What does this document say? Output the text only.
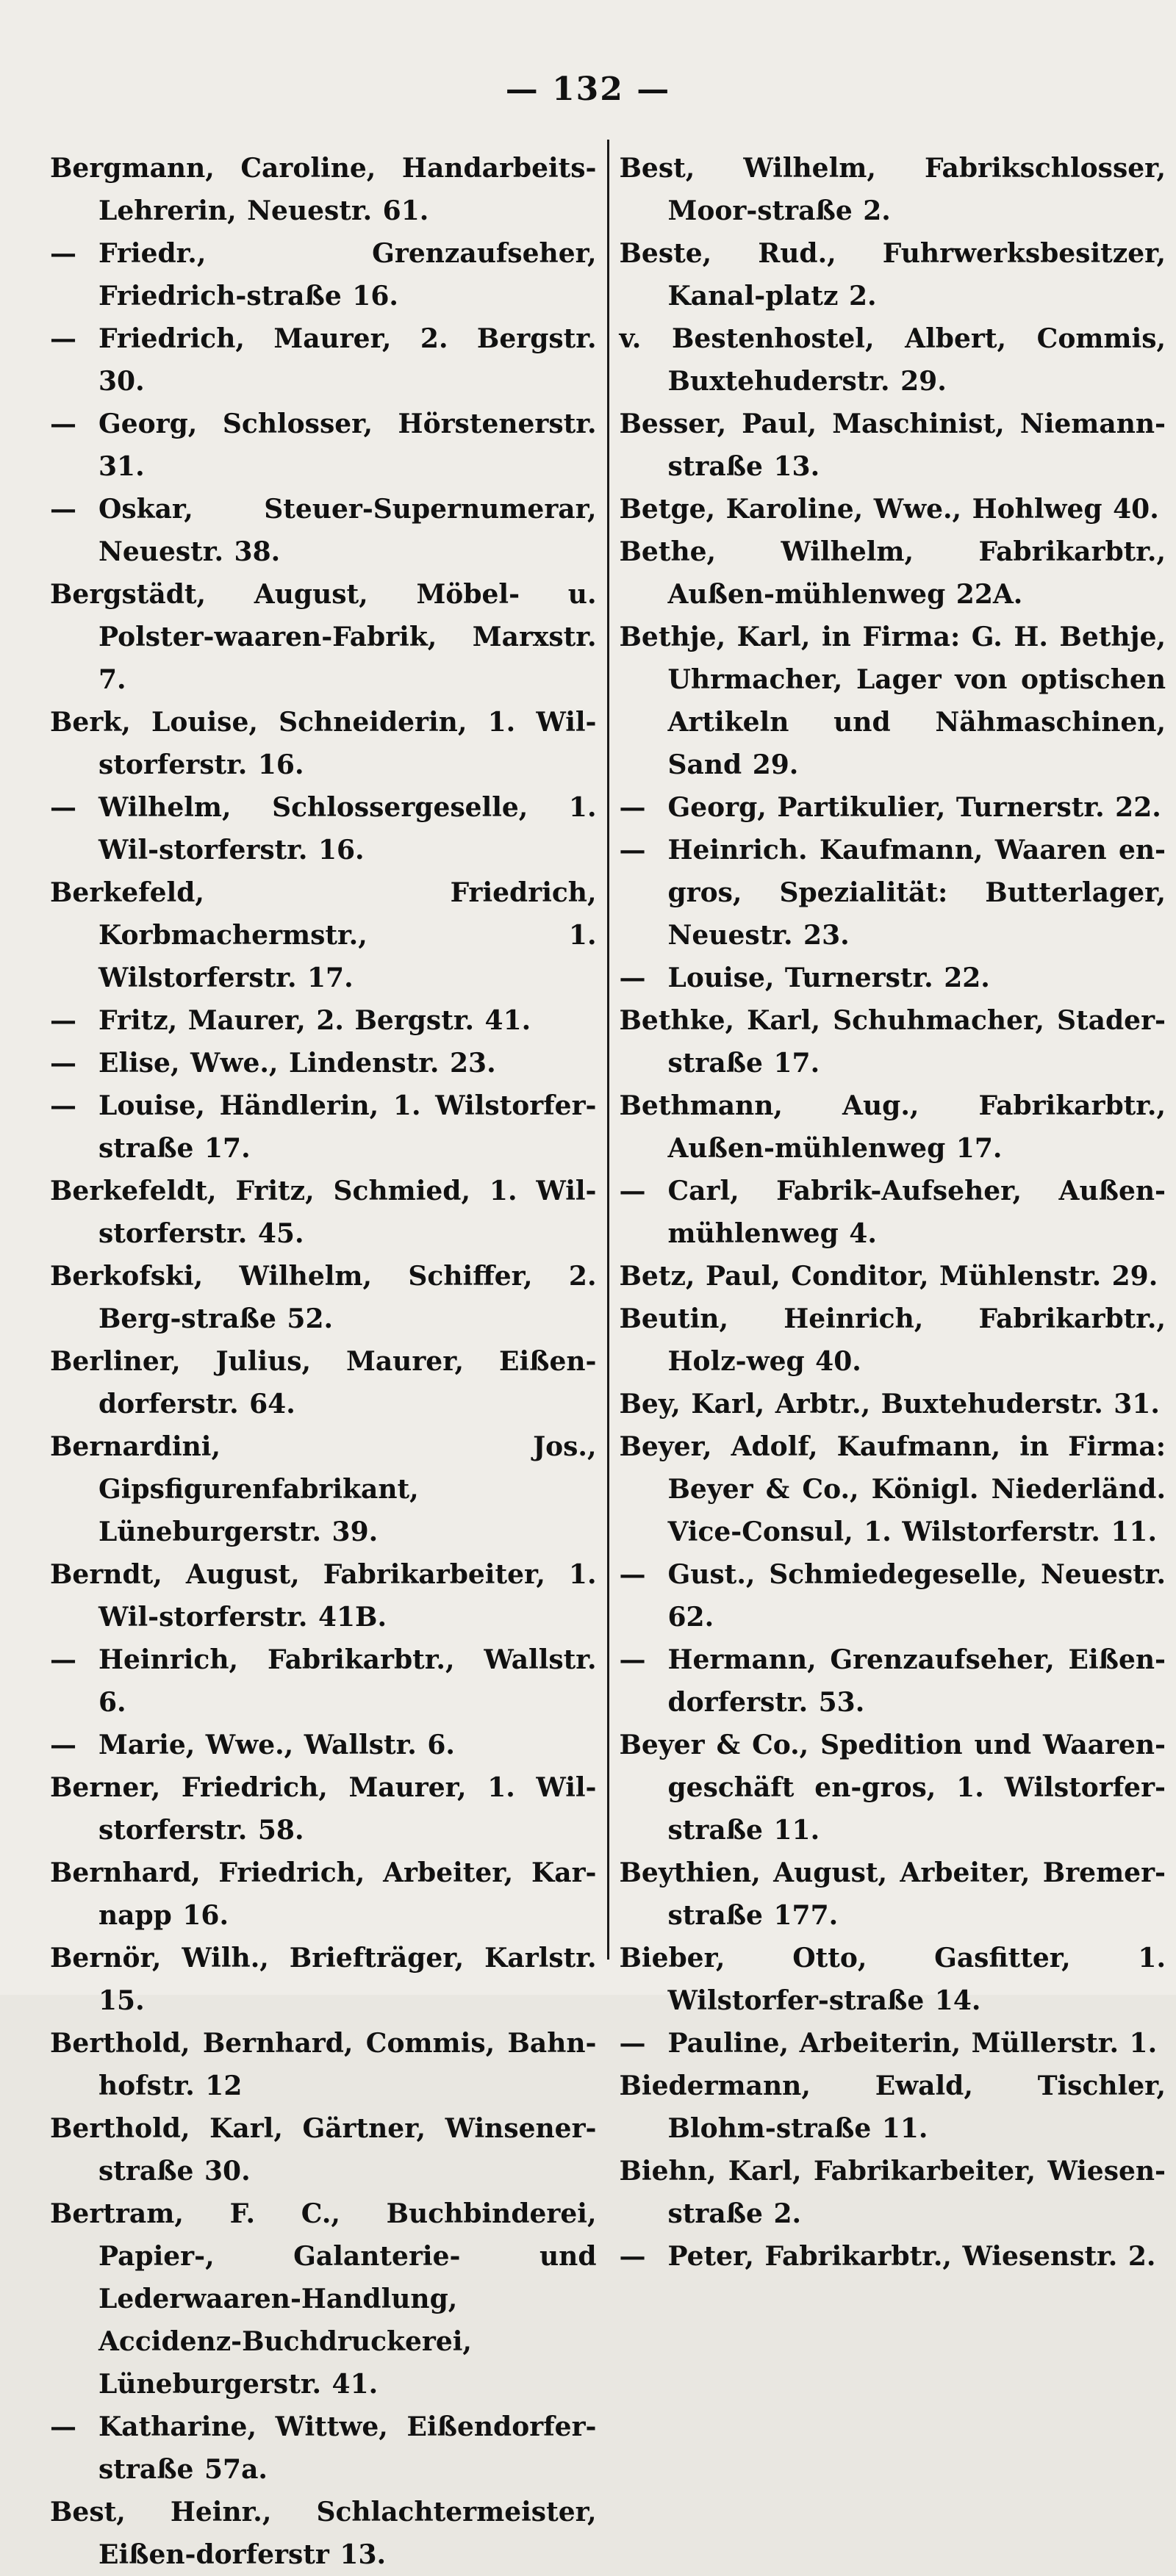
— 132 —

Bergmann, Caroline, Handarbeits-Lehrerin, Neuestr. 61.

— Friedr., Grenzaufseher, Friedrich-straße 16.

— Friedrich, Maurer, 2. Bergstr. 30.

— Georg, Schlosser, Hörstenerstr. 31.

— Oskar, Steuer-Supernumerar, Neuestr. 38.

Bergstädt, August, Möbel- u. Polster-waaren-Fabrik, Marxstr. 7.

Berk, Louise, Schneiderin, 1. Wil-storferstr. 16.

— Wilhelm, Schlossergeselle, 1. Wil-storferstr. 16.

Berkefeld, Friedrich, Korbmachermstr., 1. Wilstorferstr. 17.

— Fritz, Maurer, 2. Bergstr. 41.

— Elise, Wwe., Lindenstr. 23.

— Louise, Händlerin, 1. Wilstorfer-straße 17.

Berkefeldt, Fritz, Schmied, 1. Wil-storferstr. 45.

Berkofski, Wilhelm, Schiffer, 2. Berg-straße 52.

Berliner, Julius, Maurer, Eißen-dorferstr. 64.

Bernardini, Jos., Gipsfigurenfabrikant, Lüneburgerstr. 39.

Berndt, August, Fabrikarbeiter, 1. Wil-storferstr. 41B.

— Heinrich, Fabrikarbtr., Wallstr. 6.

— Marie, Wwe., Wallstr. 6.

Berner, Friedrich, Maurer, 1. Wil-storferstr. 58.

Bernhard, Friedrich, Arbeiter, Kar-napp 16.

Bernör, Wilh., Briefträger, Karlstr. 15.

Berthold, Bernhard, Commis, Bahn-hofstr. 12

Berthold, Karl, Gärtner, Winsener-straße 30.

Bertram, F. C., Buchbinderei, Papier-, Galanterie- und Lederwaaren-Handlung, Accidenz-Buchdruckerei, Lüneburgerstr. 41.

— Katharine, Wittwe, Eißendorfer-straße 57a.

Best, Heinr., Schlachtermeister, Eißen-dorferstr 13.

Best, Wilhelm, Fabrikschlosser, Moor-straße 2.

Beste, Rud., Fuhrwerksbesitzer, Kanal-platz 2.

v. Bestenhostel, Albert, Commis, Buxtehuderstr. 29.

Besser, Paul, Maschinist, Niemann-straße 13.

Betge, Karoline, Wwe., Hohlweg 40.

Bethe, Wilhelm, Fabrikarbtr., Außen-mühlenweg 22A.

Bethje, Karl, in Firma: G. H. Bethje, Uhrmacher, Lager von optischen Artikeln und Nähmaschinen, Sand 29.

— Georg, Partikulier, Turnerstr. 22.

— Heinrich. Kaufmann, Waaren en-gros, Spezialität: Butterlager, Neuestr. 23.

— Louise, Turnerstr. 22.

Bethke, Karl, Schuhmacher, Stader-straße 17.

Bethmann, Aug., Fabrikarbtr., Außen-mühlenweg 17.

— Carl, Fabrik-Aufseher, Außen-mühlenweg 4.

Betz, Paul, Conditor, Mühlenstr. 29.

Beutin, Heinrich, Fabrikarbtr., Holz-weg 40.

Bey, Karl, Arbtr., Buxtehuderstr. 31.

Beyer, Adolf, Kaufmann, in Firma: Beyer & Co., Königl. Niederländ. Vice-Consul, 1. Wilstorferstr. 11.

— Gust., Schmiedegeselle, Neuestr. 62.

— Hermann, Grenzaufseher, Eißen-dorferstr. 53.

Beyer & Co., Spedition und Waaren-geschäft en-gros, 1. Wilstorfer-straße 11.

Beythien, August, Arbeiter, Bremer-straße 177.

Bieber, Otto, Gasfitter, 1. Wilstorfer-straße 14.

— Pauline, Arbeiterin, Müllerstr. 1.

Biedermann, Ewald, Tischler, Blohm-straße 11.

Biehn, Karl, Fabrikarbeiter, Wiesen-straße 2.

— Peter, Fabrikarbtr., Wiesenstr. 2.
